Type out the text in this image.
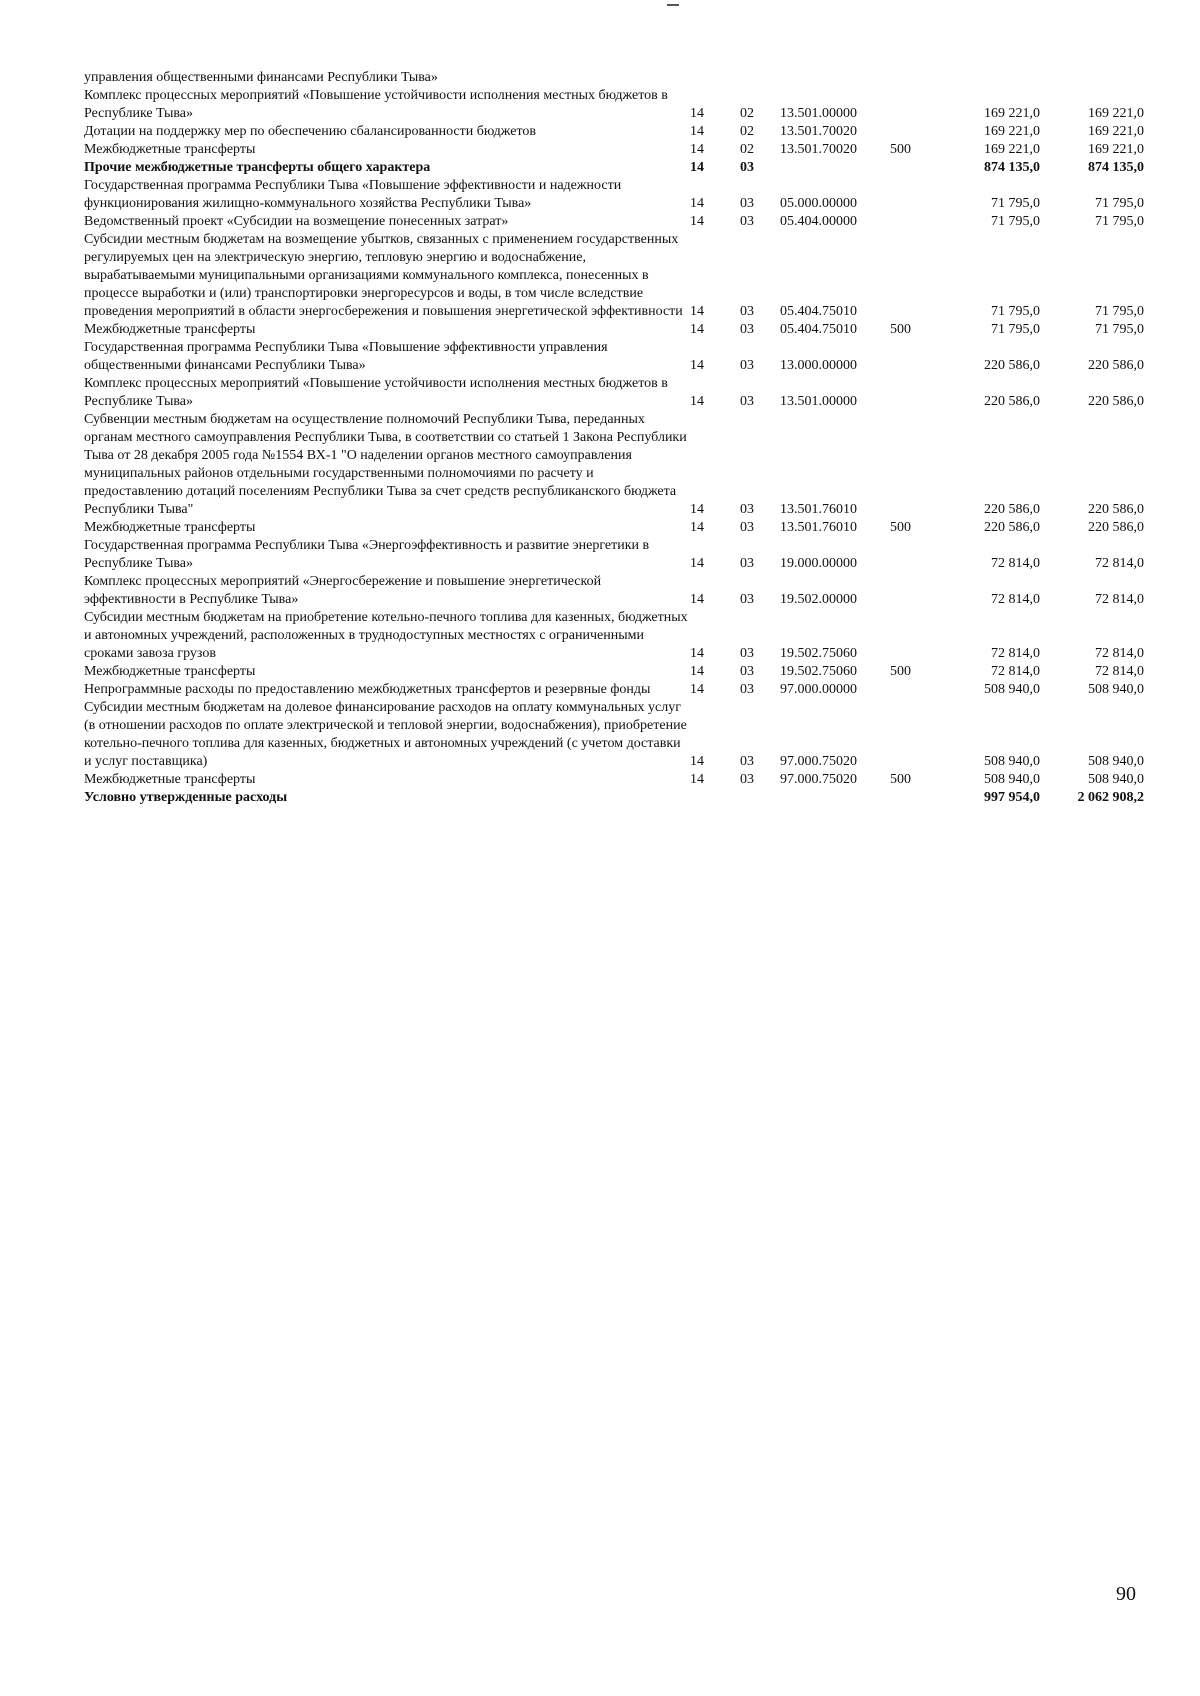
управления общественными финансами Республики Тыва»						
Комплекс процессных мероприятий «Повышение устойчивости исполнения местных бюджетов в Республике Тыва»	14	02	13.501.00000		169 221,0	169 221,0
Дотации на поддержку мер по обеспечению сбалансированности бюджетов	14	02	13.501.70020		169 221,0	169 221,0
Межбюджетные трансферты	14	02	13.501.70020	500	169 221,0	169 221,0
Прочие межбюджетные трансферты общего характера	14	03			874 135,0	874 135,0
Государственная программа Республики Тыва «Повышение эффективности и надежности функционирования жилищно-коммунального хозяйства Республики Тыва»	14	03	05.000.00000		71 795,0	71 795,0
Ведомственный проект «Субсидии на возмещение понесенных затрат»	14	03	05.404.00000		71 795,0	71 795,0
Субсидии местным бюджетам на возмещение убытков, связанных с применением государственных регулируемых цен на электрическую энергию, тепловую энергию и водоснабжение, вырабатываемыми муниципальными организациями коммунального комплекса, понесенных в процессе выработки и (или) транспортировки энергоресурсов и воды, в том числе вследствие проведения мероприятий в области энергосбережения и повышения энергетической эффективности	14	03	05.404.75010		71 795,0	71 795,0
Межбюджетные трансферты	14	03	05.404.75010	500	71 795,0	71 795,0
Государственная программа Республики Тыва «Повышение эффективности управления общественными финансами Республики Тыва»	14	03	13.000.00000		220 586,0	220 586,0
Комплекс процессных мероприятий «Повышение устойчивости исполнения местных бюджетов в Республике Тыва»	14	03	13.501.00000		220 586,0	220 586,0
Субвенции местным бюджетам на осуществление полномочий Республики Тыва, переданных органам местного самоуправления Республики Тыва, в соответствии со статьей 1 Закона Республики Тыва от 28 декабря 2005 года №1554 ВХ-1 "О наделении органов местного самоуправления муниципальных районов отдельными государственными полномочиями по расчету и предоставлению дотаций поселениям Республики Тыва за счет средств республиканского бюджета Республики Тыва"	14	03	13.501.76010		220 586,0	220 586,0
Межбюджетные трансферты	14	03	13.501.76010	500	220 586,0	220 586,0
Государственная программа Республики Тыва «Энергоэффективность и развитие энергетики в Республике Тыва»	14	03	19.000.00000		72 814,0	72 814,0
Комплекс процессных мероприятий «Энергосбережение и повышение энергетической эффективности в Республике Тыва»	14	03	19.502.00000		72 814,0	72 814,0
Субсидии местным бюджетам на приобретение котельно-печного топлива для казенных, бюджетных и автономных учреждений, расположенных в труднодоступных местностях с ограниченными сроками завоза грузов	14	03	19.502.75060		72 814,0	72 814,0
Межбюджетные трансферты	14	03	19.502.75060	500	72 814,0	72 814,0
Непрограммные расходы по предоставлению межбюджетных трансфертов и резервные фонды	14	03	97.000.00000		508 940,0	508 940,0
Субсидии местным бюджетам на долевое финансирование расходов на оплату коммунальных услуг (в отношении расходов по оплате электрической и тепловой энергии, водоснабжения), приобретение котельно-печного топлива для казенных, бюджетных и автономных учреждений (с учетом доставки и услуг поставщика)	14	03	97.000.75020		508 940,0	508 940,0
Межбюджетные трансферты	14	03	97.000.75020	500	508 940,0	508 940,0
Условно утвержденные расходы					997 954,0	2 062 908,2
90
